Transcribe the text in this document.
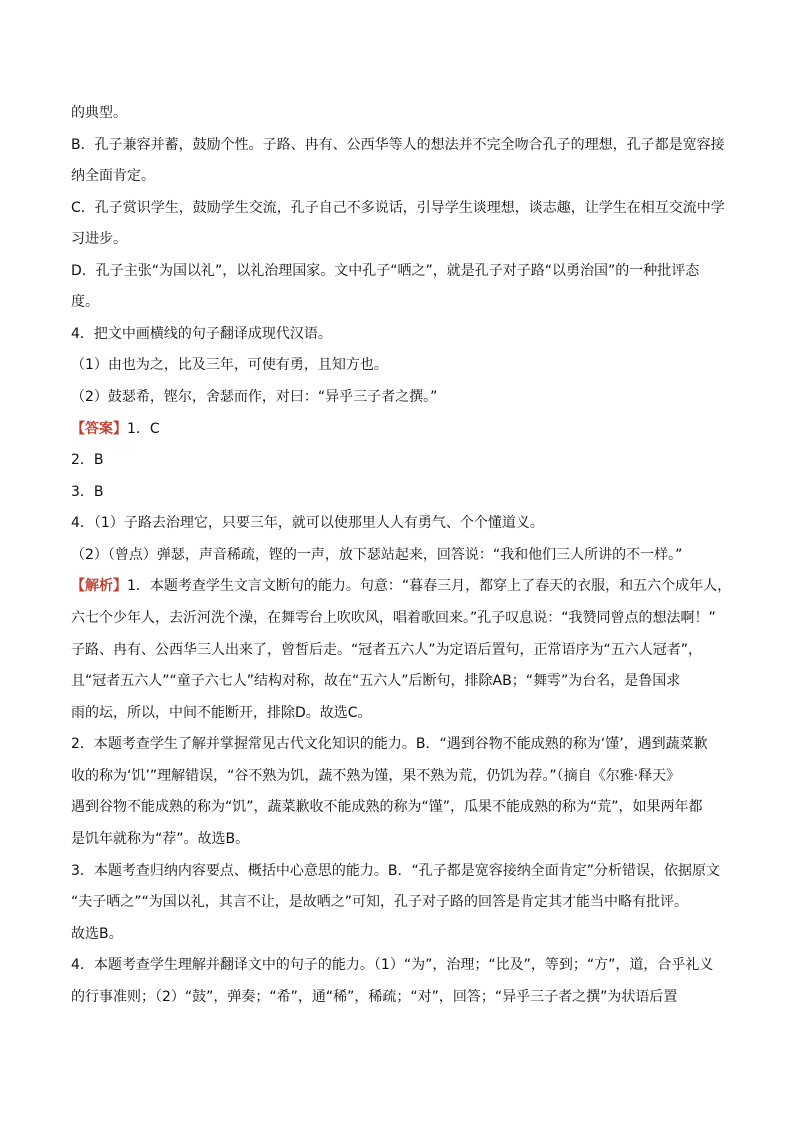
的典型。
B．孔子兼容并蓄，鼓励个性。子路、冉有、公西华等人的想法并不完全吻合孔子的理想，孔子都是宽容接
纳全面肯定。
C．孔子赏识学生，鼓励学生交流，孔子自己不多说话，引导学生谈理想，谈志趣，让学生在相互交流中学
习进步。
D．孔子主张“为国以礼”，以礼治理国家。文中孔子“哂之”，就是孔子对子路“以勇治国”的一种批评态
度。
4．把文中画横线的句子翻译成现代汉语。
（1）由也为之，比及三年，可使有勇，且知方也。
（2）鼓瑟希，铿尔，舍瑟而作，对曰：“异乎三子者之撰。”
【答案】1．C
2．B
3．B
4．（1）子路去治理它，只要三年，就可以使那里人人有勇气、个个懂道义。
（2）（曾点）弹瑟，声音稀疏，铿的一声，放下瑟站起来，回答说：“我和他们三人所讲的不一样。”
【解析】1．本题考查学生文言文断句的能力。句意：“暮春三月，都穿上了春天的衣服，和五六个成年人，
六七个少年人，去沂河洗个澡，在舞雩台上吹吹风，唱着歌回来。”孔子叹息说：“我赞同曾点的想法啊！”
子路、冉有、公西华三人出来了，曾皙后走。“冠者五六人”为定语后置句，正常语序为“五六人冠者”，
且“冠者五六人”“童子六七人”结构对称，故在“五六人”后断句，排除AB；“舞雩”为台名，是鲁国求
雨的坛，所以，中间不能断开，排除D。故选C。
2．本题考查学生了解并掌握常见古代文化知识的能力。B．“遇到谷物不能成熟的称为‘馑’，遇到蔬菜歉
收的称为‘饥’”理解错误，“谷不熟为饥，蔬不熟为馑，果不熟为荒，仍饥为荐。”（摘自《尔雅·释天》
遇到谷物不能成熟的称为“饥”，蔬菜歉收不能成熟的称为“馑”，瓜果不能成熟的称为“荒”，如果两年都
是饥年就称为“荐”。故选B。
3．本题考查归纳内容要点、概括中心意思的能力。B．“孔子都是宽容接纳全面肯定”分析错误，依据原文
“夫子哂之”“为国以礼，其言不让，是故哂之”可知，孔子对子路的回答是肯定其才能当中略有批评。
故选B。
4．本题考查学生理解并翻译文中的句子的能力。（1）“为”，治理；“比及”，等到；“方”，道，合乎礼义
的行事准则；（2）“鼓”，弹奏；“希”，通“稀”，稀疏；“对”，回答；“异乎三子者之撰”为状语后置
